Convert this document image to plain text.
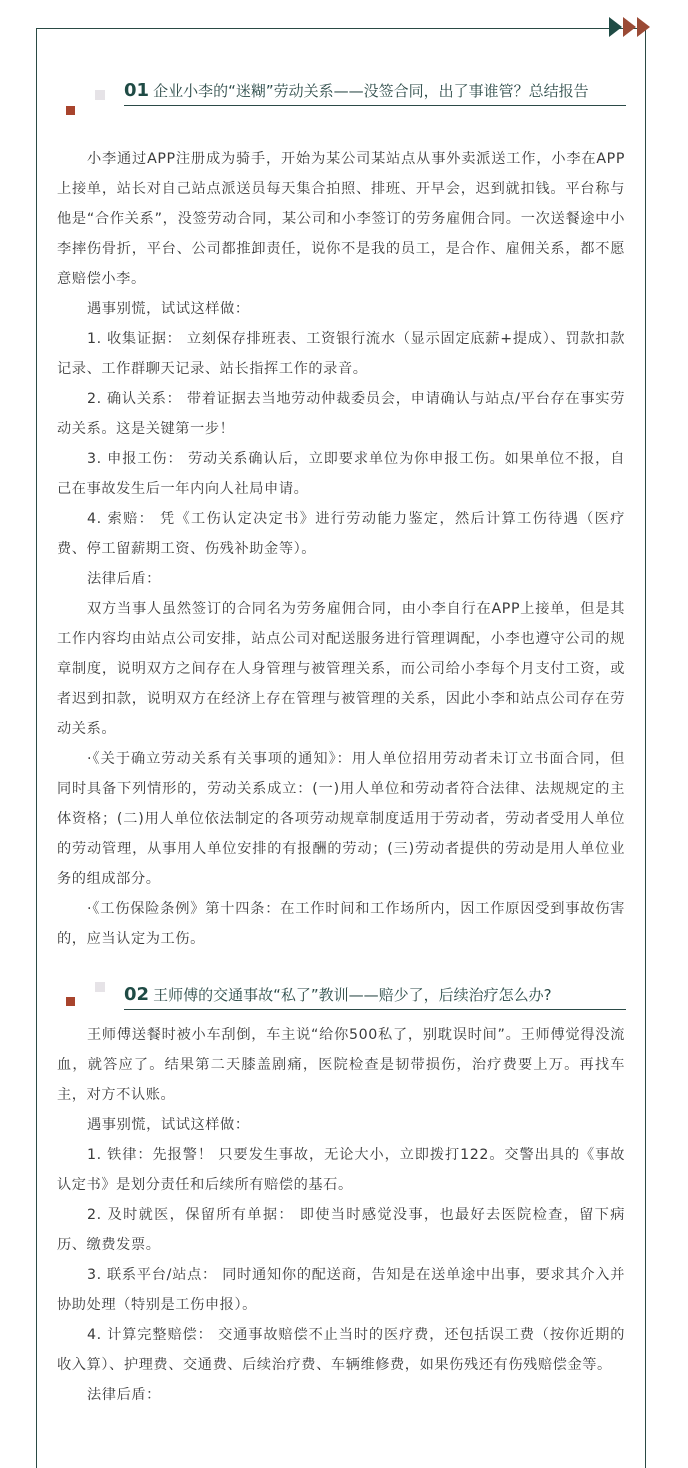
01 企业小李的“迷糊”劳动关系——没签合同，出了事谁管？总结报告

小李通过APP注册成为骑手，开始为某公司某站点从事外卖派送工作，小李在APP上接单，站长对自己站点派送员每天集合拍照、排班、开早会，迟到就扣钱。平台称与他是“合作关系”，没签劳动合同，某公司和小李签订的劳务雇佣合同。一次送餐途中小李摔伤骨折，平台、公司都推卸责任，说你不是我的员工，是合作、雇佣关系，都不愿意赔偿小李。

遇事别慌，试试这样做：

1. 收集证据： 立刻保存排班表、工资银行流水（显示固定底薪+提成）、罚款扣款记录、工作群聊天记录、站长指挥工作的录音。

2. 确认关系： 带着证据去当地劳动仲裁委员会，申请确认与站点/平台存在事实劳动关系。这是关键第一步！

3. 申报工伤： 劳动关系确认后，立即要求单位为你申报工伤。如果单位不报，自己在事故发生后一年内向人社局申请。

4. 索赔： 凭《工伤认定决定书》进行劳动能力鉴定，然后计算工伤待遇（医疗费、停工留薪期工资、伤残补助金等）。

法律后盾：

双方当事人虽然签订的合同名为劳务雇佣合同，由小李自行在APP上接单，但是其工作内容均由站点公司安排，站点公司对配送服务进行管理调配，小李也遵守公司的规章制度，说明双方之间存在人身管理与被管理关系，而公司给小李每个月支付工资，或者迟到扣款，说明双方在经济上存在管理与被管理的关系，因此小李和站点公司存在劳动关系。

·《关于确立劳动关系有关事项的通知》：用人单位招用劳动者未订立书面合同，但同时具备下列情形的，劳动关系成立：(一)用人单位和劳动者符合法律、法规规定的主体资格；(二)用人单位依法制定的各项劳动规章制度适用于劳动者，劳动者受用人单位的劳动管理，从事用人单位安排的有报酬的劳动；(三)劳动者提供的劳动是用人单位业务的组成部分。

·《工伤保险条例》第十四条：在工作时间和工作场所内，因工作原因受到事故伤害的，应当认定为工伤。

02 王师傅的交通事故“私了”教训——赔少了，后续治疗怎么办?

王师傅送餐时被小车刮倒，车主说“给你500私了，别耽误时间”。王师傅觉得没流血，就答应了。结果第二天膝盖剧痛，医院检查是韧带损伤，治疗费要上万。再找车主，对方不认账。

遇事别慌，试试这样做：

1. 铁律：先报警！ 只要发生事故，无论大小，立即拨打122。交警出具的《事故认定书》是划分责任和后续所有赔偿的基石。

2. 及时就医，保留所有单据： 即使当时感觉没事，也最好去医院检查，留下病历、缴费发票。

3. 联系平台/站点： 同时通知你的配送商，告知是在送单途中出事，要求其介入并协助处理（特别是工伤申报）。

4. 计算完整赔偿： 交通事故赔偿不止当时的医疗费，还包括误工费（按你近期的收入算）、护理费、交通费、后续治疗费、车辆维修费，如果伤残还有伤残赔偿金等。

法律后盾：
